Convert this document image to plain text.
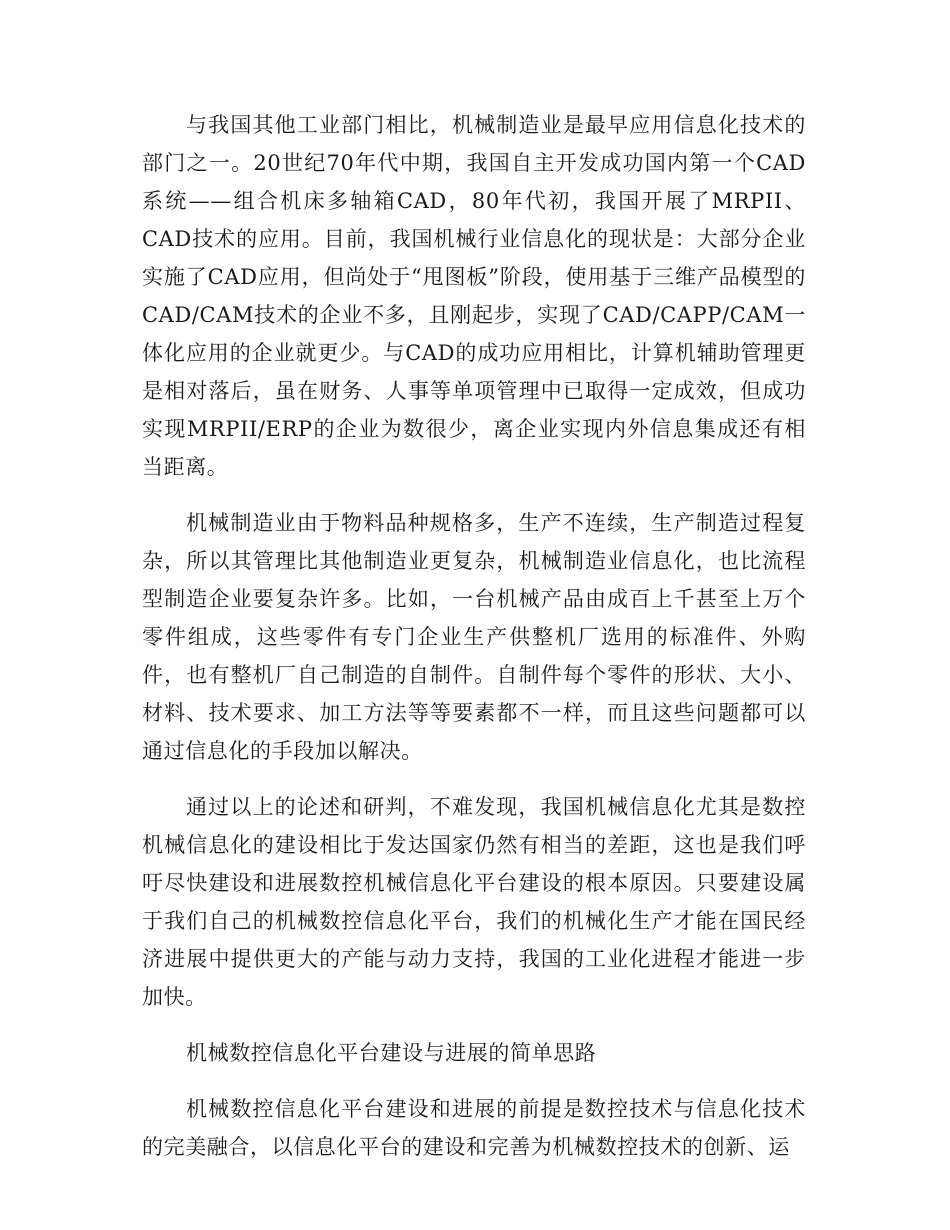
与我国其他工业部门相比，机械制造业是最早应用信息化技术的部门之一。20世纪70年代中期，我国自主开发成功国内第一个CAD系统——组合机床多轴箱CAD，80年代初，我国开展了MRPII、CAD技术的应用。目前，我国机械行业信息化的现状是：大部分企业实施了CAD应用，但尚处于“甩图板”阶段，使用基于三维产品模型的CAD/CAM技术的企业不多，且刚起步，实现了CAD/CAPP/CAM一体化应用的企业就更少。与CAD的成功应用相比，计算机辅助管理更是相对落后，虽在财务、人事等单项管理中已取得一定成效，但成功实现MRPII/ERP的企业为数很少，离企业实现内外信息集成还有相当距离。

机械制造业由于物料品种规格多，生产不连续，生产制造过程复杂，所以其管理比其他制造业更复杂，机械制造业信息化，也比流程型制造企业要复杂许多。比如，一台机械产品由成百上千甚至上万个零件组成，这些零件有专门企业生产供整机厂选用的标准件、外购件，也有整机厂自己制造的自制件。自制件每个零件的形状、大小、材料、技术要求、加工方法等等要素都不一样，而且这些问题都可以通过信息化的手段加以解决。

通过以上的论述和研判，不难发现，我国机械信息化尤其是数控机械信息化的建设相比于发达国家仍然有相当的差距，这也是我们呼吁尽快建设和进展数控机械信息化平台建设的根本原因。只要建设属于我们自己的机械数控信息化平台，我们的机械化生产才能在国民经济进展中提供更大的产能与动力支持，我国的工业化进程才能进一步加快。

机械数控信息化平台建设与进展的简单思路

机械数控信息化平台建设和进展的前提是数控技术与信息化技术的完美融合，以信息化平台的建设和完善为机械数控技术的创新、运
